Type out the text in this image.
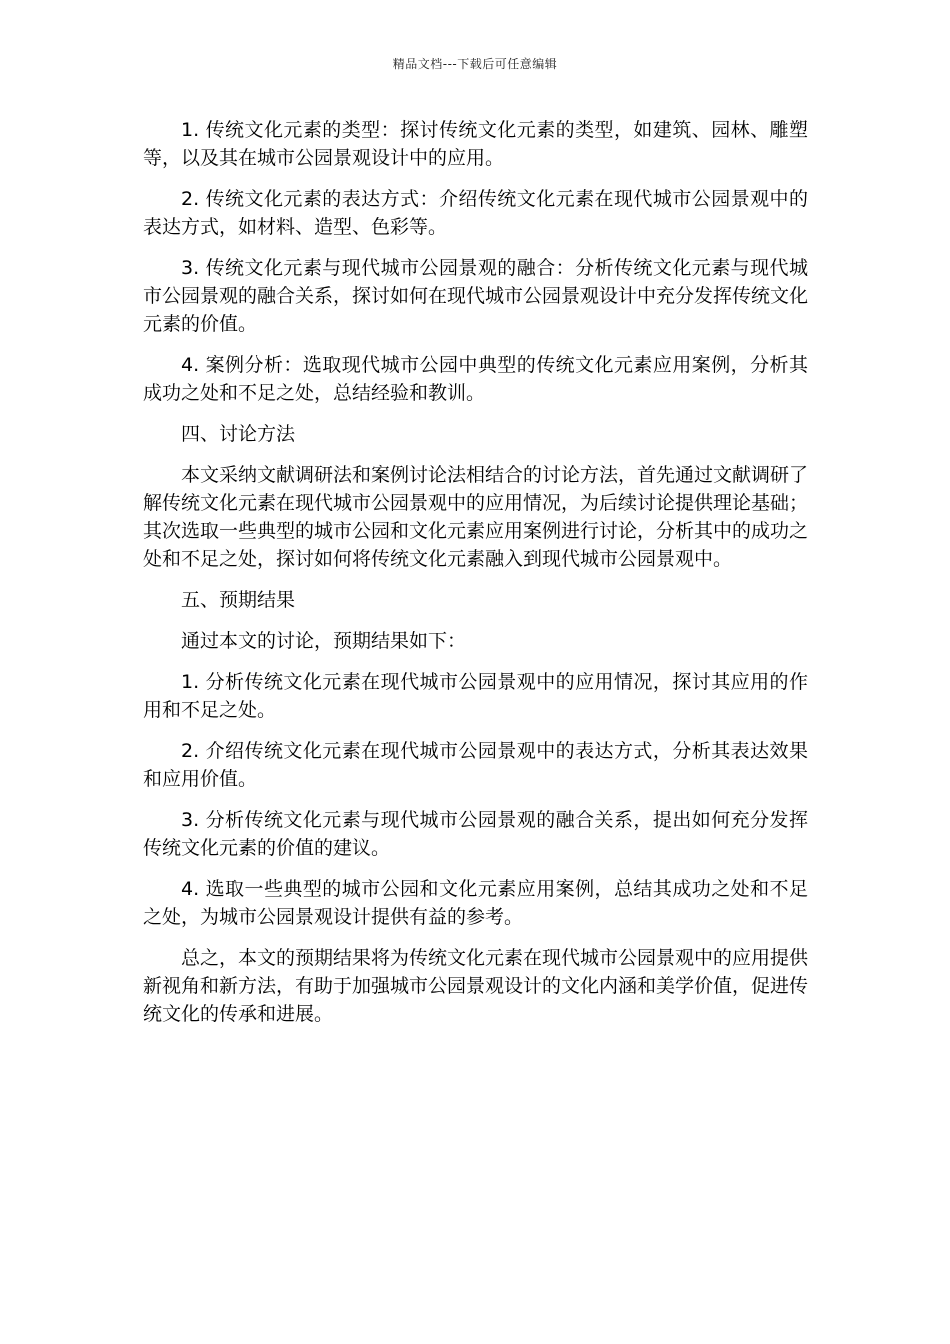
精品文档---下载后可任意编辑

1. 传统文化元素的类型：探讨传统文化元素的类型，如建筑、园林、雕塑等，以及其在城市公园景观设计中的应用。

2. 传统文化元素的表达方式：介绍传统文化元素在现代城市公园景观中的表达方式，如材料、造型、色彩等。

3. 传统文化元素与现代城市公园景观的融合：分析传统文化元素与现代城市公园景观的融合关系，探讨如何在现代城市公园景观设计中充分发挥传统文化元素的价值。

4. 案例分析：选取现代城市公园中典型的传统文化元素应用案例，分析其成功之处和不足之处，总结经验和教训。

四、讨论方法

本文采纳文献调研法和案例讨论法相结合的讨论方法，首先通过文献调研了解传统文化元素在现代城市公园景观中的应用情况，为后续讨论提供理论基础；其次选取一些典型的城市公园和文化元素应用案例进行讨论，分析其中的成功之处和不足之处，探讨如何将传统文化元素融入到现代城市公园景观中。

五、预期结果

通过本文的讨论，预期结果如下：

1. 分析传统文化元素在现代城市公园景观中的应用情况，探讨其应用的作用和不足之处。

2. 介绍传统文化元素在现代城市公园景观中的表达方式，分析其表达效果和应用价值。

3. 分析传统文化元素与现代城市公园景观的融合关系，提出如何充分发挥传统文化元素的价值的建议。

4. 选取一些典型的城市公园和文化元素应用案例，总结其成功之处和不足之处，为城市公园景观设计提供有益的参考。

总之，本文的预期结果将为传统文化元素在现代城市公园景观中的应用提供新视角和新方法，有助于加强城市公园景观设计的文化内涵和美学价值，促进传统文化的传承和进展。
